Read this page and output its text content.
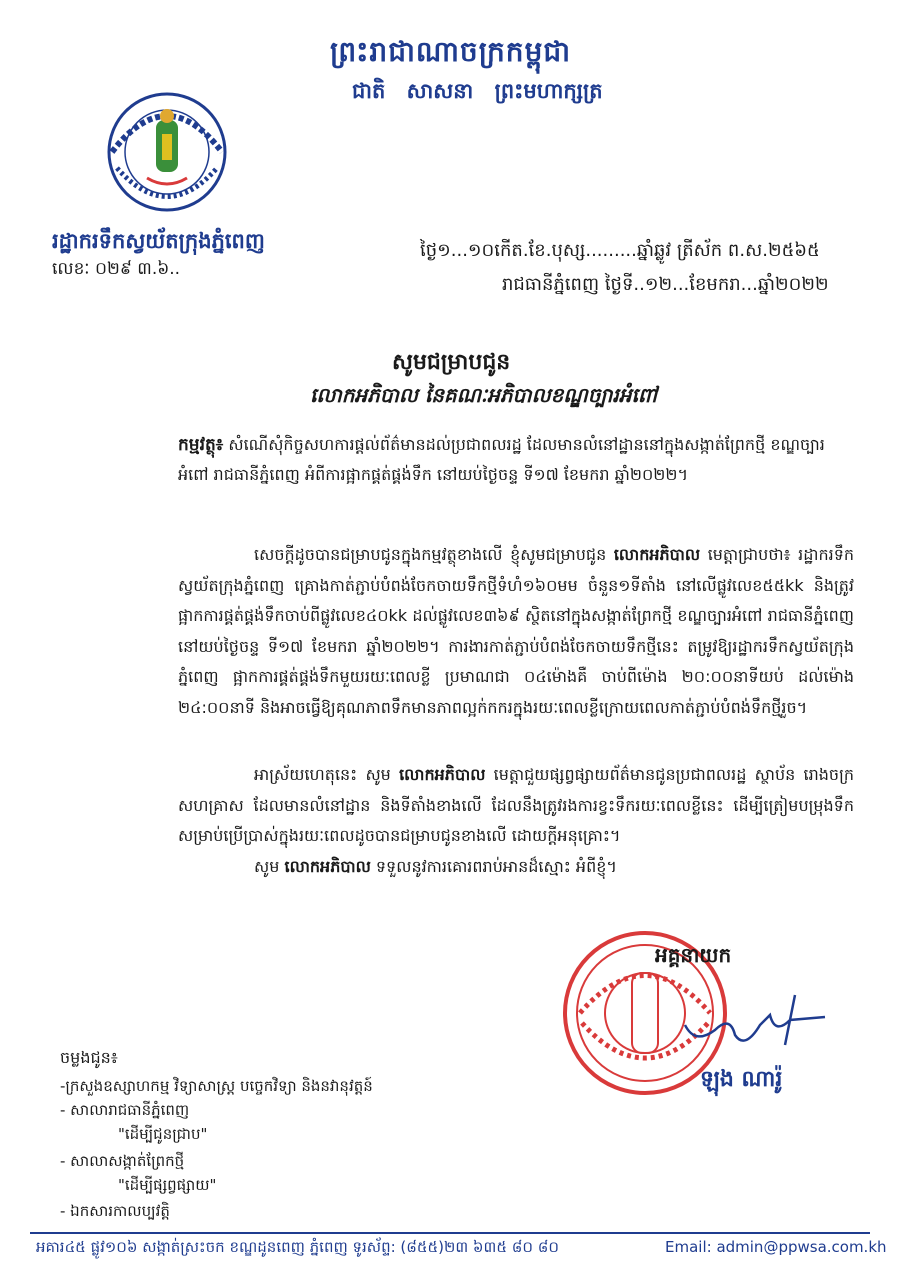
ព្រះរាជាណាចក្រកម្ពុជា
ជាតិ សាសនា ព្រះមហាក្សត្រ
រដ្ឋាករទឹកស្វយ័តក្រុងភ្នំពេញ
លេខៈ ០២៩ ៣.៦..
ថ្ងៃ១...១០កើត.ខែ.បុស្ស.........ឆ្នាំឆ្លូវ ត្រីស័ក ព.ស.២៥៦៥
រាជធានីភ្នំពេញ ថ្ងៃទី..១២...ខែមករា...ឆ្នាំ២០២២
សូមជម្រាបជូន
លោកអភិបាល នៃគណៈអភិបាលខណ្ឌច្បារអំពៅ
កម្មវត្ថុ៖ សំណើសុំកិច្ចសហការផ្តល់ព័ត៌មានដល់ប្រជាពលរដ្ឋ ដែលមានលំនៅដ្ឋាននៅក្នុងសង្កាត់ព្រែកថ្មី ខណ្ឌច្បារអំពៅ រាជធានីភ្នំពេញ អំពីការផ្អាកផ្គត់ផ្គង់ទឹក នៅយប់ថ្ងៃចន្ទ ទី១៧ ខែមករា ឆ្នាំ២០២២។
សេចក្តីដូចបានជម្រាបជូនក្នុងកម្មវត្ថុខាងលើ ខ្ញុំសូមជម្រាបជូន លោកអភិបាល មេត្តាជ្រាបថា៖ រដ្ឋាករទឹកស្វយ័តក្រុងភ្នំពេញ គ្រោងកាត់ភ្ជាប់បំពង់ចែកចាយទឹកថ្មីទំហំ១៦០មម ចំនួន១ទីតាំង នៅលើផ្លូវលេខ៥៥kk និងត្រូវផ្អាកការផ្គត់ផ្គង់ទឹកចាប់ពីផ្លូវលេខ៤០kk ដល់ផ្លូវលេខ៣៦៩ ស្ថិតនៅក្នុងសង្កាត់ព្រែកថ្មី ខណ្ឌច្បារអំពៅ រាជធានីភ្នំពេញ នៅយប់ថ្ងៃចន្ទ ទី១៧ ខែមករា ឆ្នាំ២០២២។ ការងារកាត់ភ្ជាប់បំពង់ចែកចាយទឹកថ្មីនេះ តម្រូវឱ្យរដ្ឋាករទឹកស្វយ័តក្រុងភ្នំពេញ ផ្អាកការផ្គត់ផ្គង់ទឹកមួយរយៈពេលខ្លី ប្រមាណជា ០៤ម៉ោងគឺ ចាប់ពីម៉ោង ២០:០០នាទីយប់ ដល់ម៉ោង ២៤:០០នាទី និងអាចធ្វើឱ្យគុណភាពទឹកមានភាពល្អក់កករក្នុងរយៈពេលខ្លីក្រោយពេលកាត់ភ្ជាប់បំពង់ទឹកថ្មីរួច។
អាស្រ័យហេតុនេះ សូម លោកអភិបាល មេត្តាជួយផ្សព្វផ្សាយព័ត៌មានជូនប្រជាពលរដ្ឋ ស្ថាប័ន រោងចក្រ សហគ្រាស ដែលមានលំនៅដ្ឋាន និងទីតាំងខាងលើ ដែលនឹងត្រូវរងការខ្វះទឹករយៈពេលខ្លីនេះ ដើម្បីត្រៀមបម្រុងទឹកសម្រាប់ប្រើប្រាស់ក្នុងរយៈពេលដូចបានជម្រាបជូនខាងលើ ដោយក្តីអនុគ្រោះ។
សូម លោកអភិបាល ទទួលនូវការគោរពរាប់អានដ៏ស្មោះ អំពីខ្ញុំ។
អគ្គនាយក
ឡុង ណារ៉ូ
ចម្លងជូន៖
-ក្រសួងឧស្សាហកម្ម វិទ្យាសាស្ត្រ បច្ចេកវិទ្យា និងនវានុវត្តន៍
- សាលារាជធានីភ្នំពេញ
"ដើម្បីជូនជ្រាប"
- សាលាសង្កាត់ព្រែកថ្មី
"ដើម្បីផ្សព្វផ្សាយ"
- ឯកសារកាលប្បវត្តិ
អគារ៤៥ ផ្លូវ១០៦ សង្កាត់ស្រះចក ខណ្ឌដូនពេញ ភ្នំពេញ ទូរស័ព្ទ: (៨៥៥)២៣ ៦៣៥ ៨០ ៨០	Email: admin@ppwsa.com.kh
